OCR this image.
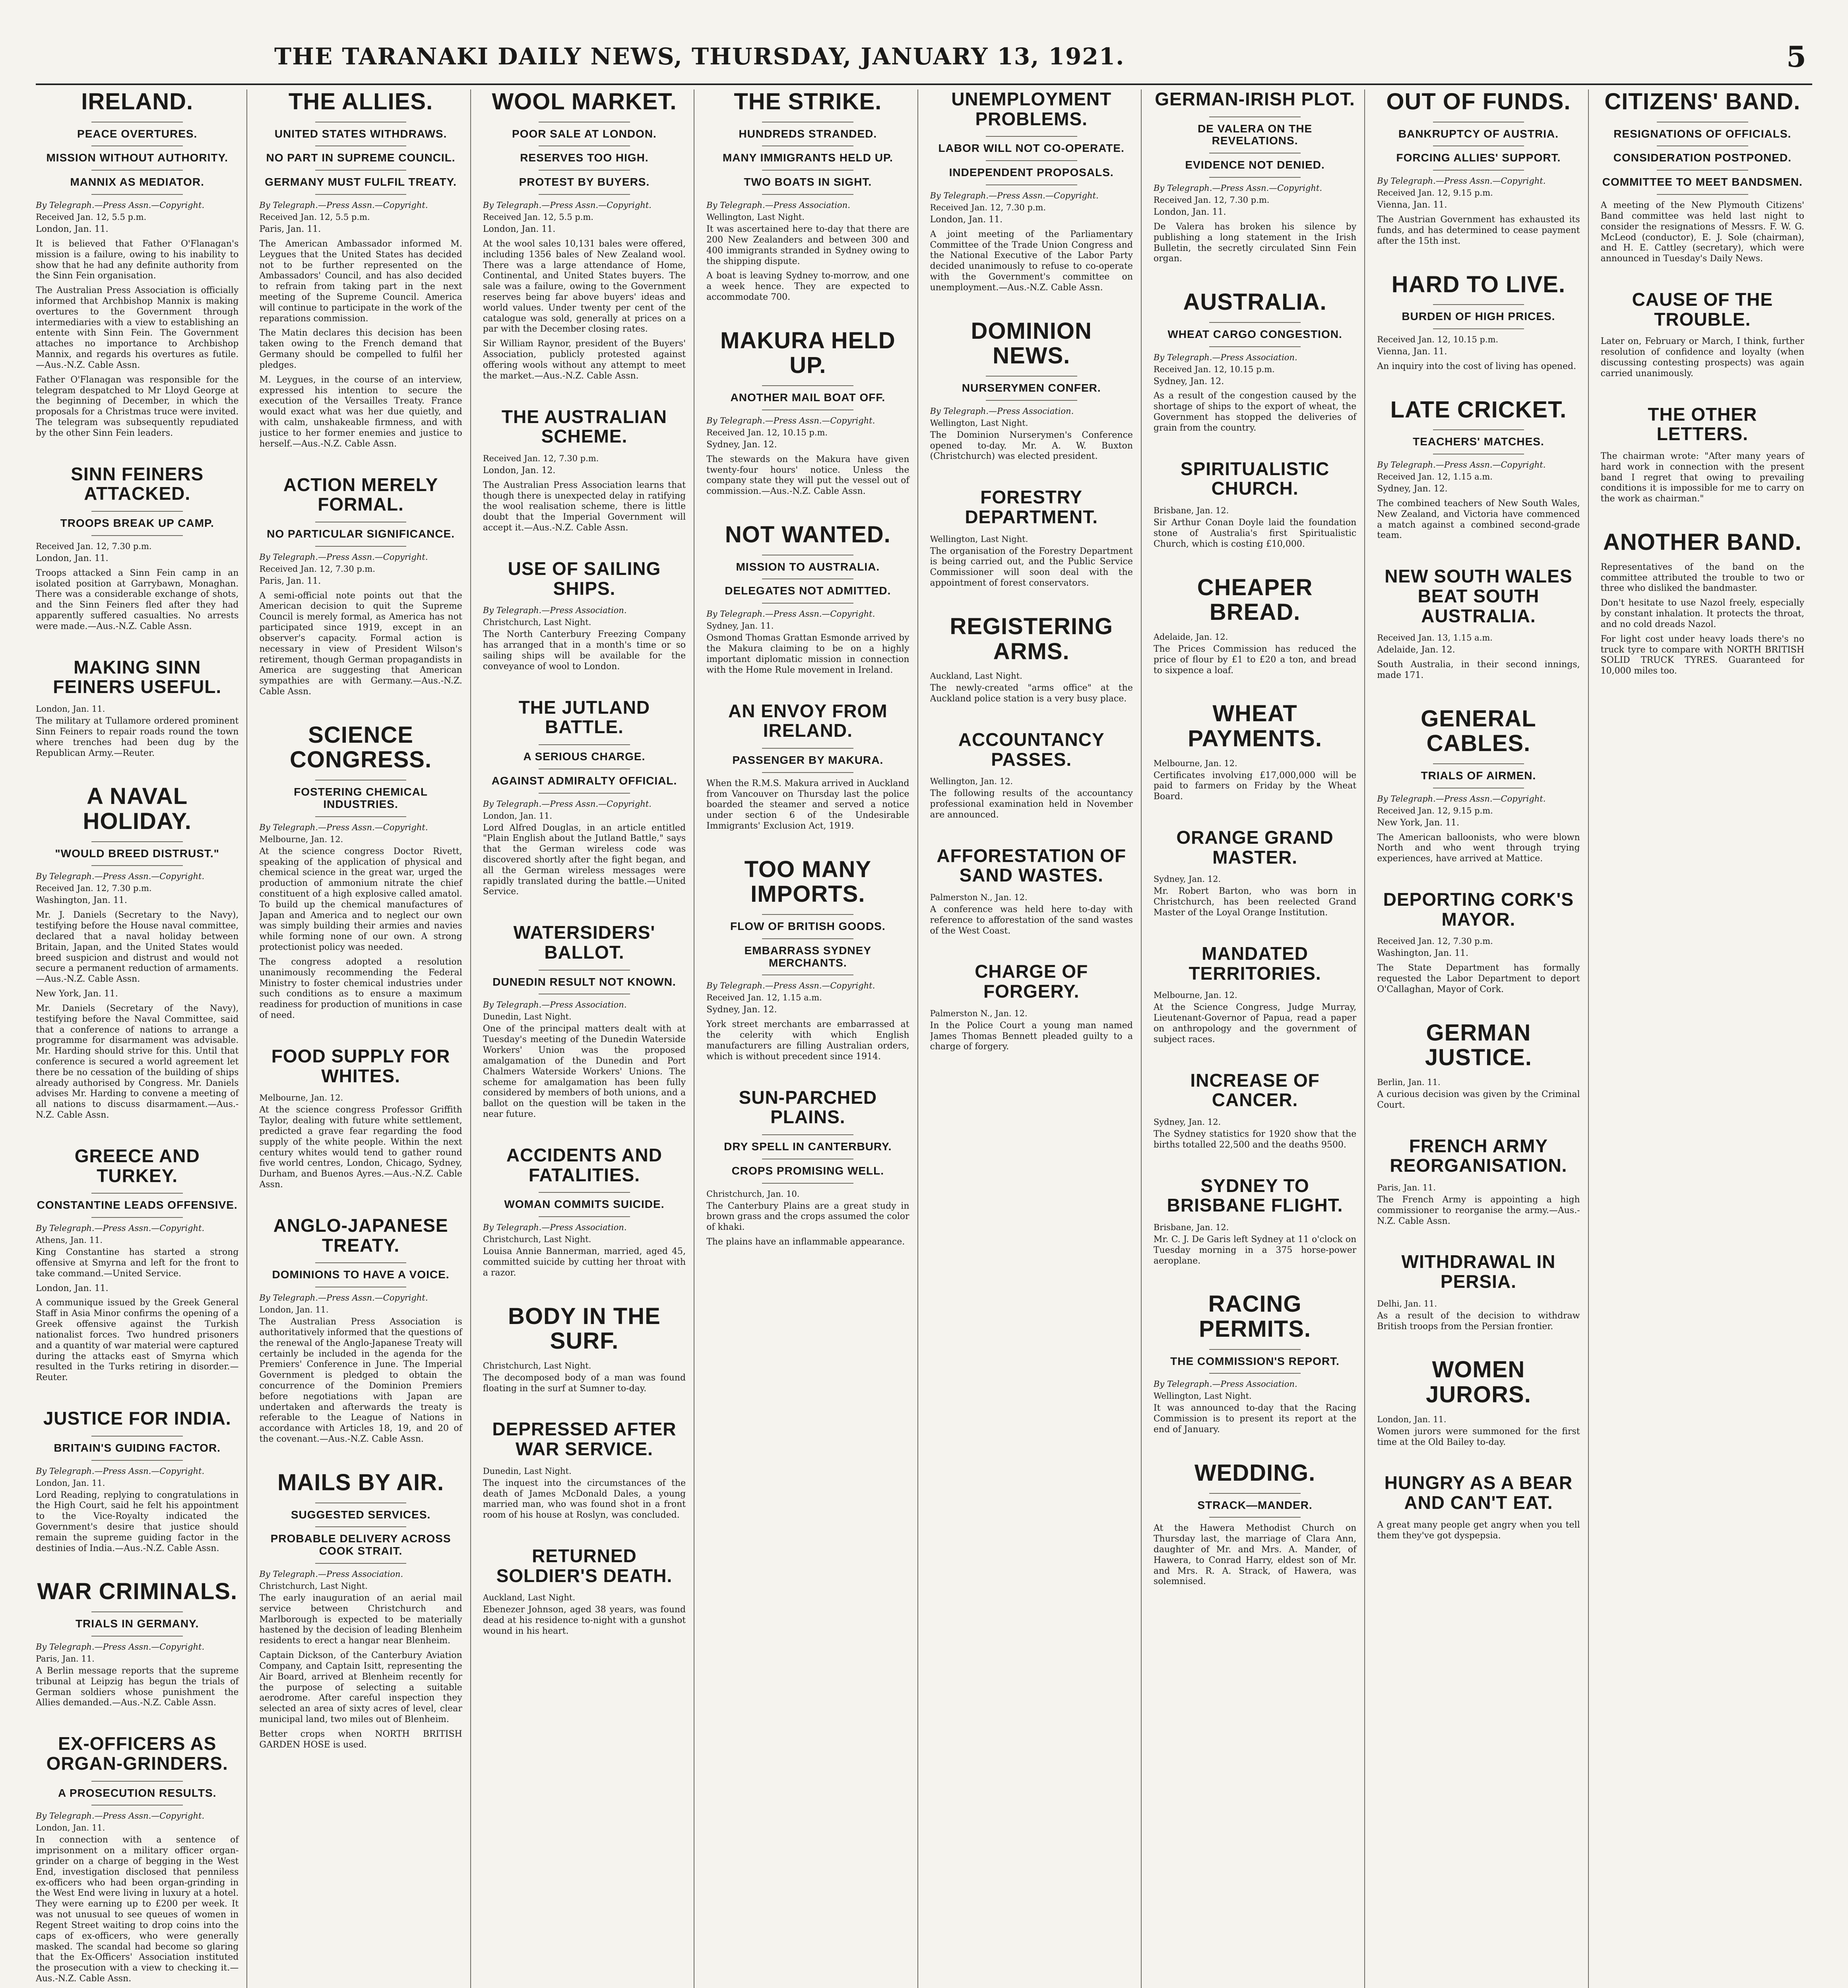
THE TARANAKI DAILY NEWS, THURSDAY, JANUARY 13, 1921.	5
IRELAND.
PEACE OVERTURES.
MISSION WITHOUT AUTHORITY.
MANNIX AS MEDIATOR.
By Telegraph.—Press Assn.—Copyright.
Received Jan. 12, 5.5 p.m.

London, Jan. 11.

It is believed that Father O'Flanagan's mission is a failure, owing to his inability to show that he had any definite authority from the Sinn Fein organisation.

The Australian Press Association is officially informed that Archbishop Mannix is making overtures to the Government through intermediaries with a view to establishing an entente with Sinn Fein. The Government attaches no importance to Archbishop Mannix, and regards his overtures as futile.—Aus.-N.Z. Cable Assn.

Father O'Flanagan was responsible for the telegram despatched to Mr Lloyd George at the beginning of December, in which the proposals for a Christmas truce were invited. The telegram was subsequently repudiated by the other Sinn Fein leaders.

SINN FEINERS ATTACKED.
TROOPS BREAK UP CAMP.
Received Jan. 12, 7.30 p.m.

London, Jan. 11.

Troops attacked a Sinn Fein camp in an isolated position at Garrybawn, Monaghan. There was a considerable exchange of shots, and the Sinn Feiners fled after they had apparently suffered casualties. No arrests were made.—Aus.-N.Z. Cable Assn.

MAKING SINN FEINERS USEFUL.
London, Jan. 11.

The military at Tullamore ordered prominent Sinn Feiners to repair roads round the town where trenches had been dug by the Republican Army.—Reuter.

A NAVAL HOLIDAY.
"WOULD BREED DISTRUST."
By Telegraph.—Press Assn.—Copyright.
Received Jan. 12, 7.30 p.m.

Washington, Jan. 11.

Mr. J. Daniels (Secretary to the Navy), testifying before the House naval committee, declared that a naval holiday between Britain, Japan, and the United States would breed suspicion and distrust and would not secure a permanent reduction of armaments.—Aus.-N.Z. Cable Assn.

New York, Jan. 11.

Mr. Daniels (Secretary of the Navy), testifying before the Naval Committee, said that a conference of nations to arrange a programme for disarmament was advisable. Mr. Harding should strive for this. Until that conference is secured a world agreement let there be no cessation of the building of ships already authorised by Congress. Mr. Daniels advises Mr. Harding to convene a meeting of all nations to discuss disarmament.—Aus.-N.Z. Cable Assn.

GREECE AND TURKEY.
CONSTANTINE LEADS OFFENSIVE.
By Telegraph.—Press Assn.—Copyright.
Athens, Jan. 11.

King Constantine has started a strong offensive at Smyrna and left for the front to take command.—United Service.

London, Jan. 11.

A communique issued by the Greek General Staff in Asia Minor confirms the opening of a Greek offensive against the Turkish nationalist forces. Two hundred prisoners and a quantity of war material were captured during the attacks east of Smyrna which resulted in the Turks retiring in disorder.—Reuter.

JUSTICE FOR INDIA.
BRITAIN'S GUIDING FACTOR.
By Telegraph.—Press Assn.—Copyright.
London, Jan. 11.

Lord Reading, replying to congratulations in the High Court, said he felt his appointment to the Vice-Royalty indicated the Government's desire that justice should remain the supreme guiding factor in the destinies of India.—Aus.-N.Z. Cable Assn.

WAR CRIMINALS.
TRIALS IN GERMANY.
By Telegraph.—Press Assn.—Copyright.
Paris, Jan. 11.

A Berlin message reports that the supreme tribunal at Leipzig has begun the trials of German soldiers whose punishment the Allies demanded.—Aus.-N.Z. Cable Assn.

EX-OFFICERS AS ORGAN-GRINDERS.
A PROSECUTION RESULTS.
By Telegraph.—Press Assn.—Copyright.
London, Jan. 11.

In connection with a sentence of imprisonment on a military officer organ-grinder on a charge of begging in the West End, investigation disclosed that penniless ex-officers who had been organ-grinding in the West End were living in luxury at a hotel. They were earning up to £200 per week. It was not unusual to see queues of women in Regent Street waiting to drop coins into the caps of ex-officers, who were generally masked. The scandal had become so glaring that the Ex-Officers' Association instituted the prosecution with a view to checking it.—Aus.-N.Z. Cable Assn.

THE ALLIES.
UNITED STATES WITHDRAWS.
NO PART IN SUPREME COUNCIL.
GERMANY MUST FULFIL TREATY.
By Telegraph.—Press Assn.—Copyright.
Received Jan. 12, 5.5 p.m.

Paris, Jan. 11.

The American Ambassador informed M. Leygues that the United States has decided not to be further represented on the Ambassadors' Council, and has also decided to refrain from taking part in the next meeting of the Supreme Council. America will continue to participate in the work of the reparations commission.

The Matin declares this decision has been taken owing to the French demand that Germany should be compelled to fulfil her pledges.

M. Leygues, in the course of an interview, expressed his intention to secure the execution of the Versailles Treaty. France would exact what was her due quietly, and with calm, unshakeable firmness, and with justice to her former enemies and justice to herself.—Aus.-N.Z. Cable Assn.

ACTION MERELY FORMAL.
NO PARTICULAR SIGNIFICANCE.
By Telegraph.—Press Assn.—Copyright.
Received Jan. 12, 7.30 p.m.

Paris, Jan. 11.

A semi-official note points out that the American decision to quit the Supreme Council is merely formal, as America has not participated since 1919, except in an observer's capacity. Formal action is necessary in view of President Wilson's retirement, though German propagandists in America are suggesting that American sympathies are with Germany.—Aus.-N.Z. Cable Assn.

SCIENCE CONGRESS.
FOSTERING CHEMICAL INDUSTRIES.
By Telegraph.—Press Assn.—Copyright.
Melbourne, Jan. 12.

At the science congress Doctor Rivett, speaking of the application of physical and chemical science in the great war, urged the production of ammonium nitrate the chief constituent of a high explosive called amatol. To build up the chemical manufactures of Japan and America and to neglect our own was simply building their armies and navies while forming none of our own. A strong protectionist policy was needed.

The congress adopted a resolution unanimously recommending the Federal Ministry to foster chemical industries under such conditions as to ensure a maximum readiness for production of munitions in case of need.

FOOD SUPPLY FOR WHITES.
Melbourne, Jan. 12.

At the science congress Professor Griffith Taylor, dealing with future white settlement, predicted a grave fear regarding the food supply of the white people. Within the next century whites would tend to gather round five world centres, London, Chicago, Sydney, Durham, and Buenos Ayres.—Aus.-N.Z. Cable Assn.

ANGLO-JAPANESE TREATY.
DOMINIONS TO HAVE A VOICE.
By Telegraph.—Press Assn.—Copyright.
London, Jan. 11.

The Australian Press Association is authoritatively informed that the questions of the renewal of the Anglo-Japanese Treaty will certainly be included in the agenda for the Premiers' Conference in June. The Imperial Government is pledged to obtain the concurrence of the Dominion Premiers before negotiations with Japan are undertaken and afterwards the treaty is referable to the League of Nations in accordance with Articles 18, 19, and 20 of the covenant.—Aus.-N.Z. Cable Assn.

MAILS BY AIR.
SUGGESTED SERVICES.
PROBABLE DELIVERY ACROSS COOK STRAIT.
By Telegraph.—Press Association.
Christchurch, Last Night.

The early inauguration of an aerial mail service between Christchurch and Marlborough is expected to be materially hastened by the decision of leading Blenheim residents to erect a hangar near Blenheim.

Captain Dickson, of the Canterbury Aviation Company, and Captain Isitt, representing the Air Board, arrived at Blenheim recently for the purpose of selecting a suitable aerodrome. After careful inspection they selected an area of sixty acres of level, clear municipal land, two miles out of Blenheim.

Better crops when NORTH BRITISH GARDEN HOSE is used.

WOOL MARKET.
POOR SALE AT LONDON.
RESERVES TOO HIGH.
PROTEST BY BUYERS.
By Telegraph.—Press Assn.—Copyright.
Received Jan. 12, 5.5 p.m.

London, Jan. 11.

At the wool sales 10,131 bales were offered, including 1356 bales of New Zealand wool. There was a large attendance of Home, Continental, and United States buyers. The sale was a failure, owing to the Government reserves being far above buyers' ideas and world values. Under twenty per cent of the catalogue was sold, generally at prices on a par with the December closing rates.

Sir William Raynor, president of the Buyers' Association, publicly protested against offering wools without any attempt to meet the market.—Aus.-N.Z. Cable Assn.

THE AUSTRALIAN SCHEME.
Received Jan. 12, 7.30 p.m.

London, Jan. 12.

The Australian Press Association learns that though there is unexpected delay in ratifying the wool realisation scheme, there is little doubt that the Imperial Government will accept it.—Aus.-N.Z. Cable Assn.

USE OF SAILING SHIPS.
By Telegraph.—Press Association.
Christchurch, Last Night.

The North Canterbury Freezing Company has arranged that in a month's time or so sailing ships will be available for the conveyance of wool to London.

THE JUTLAND BATTLE.
A SERIOUS CHARGE.
AGAINST ADMIRALTY OFFICIAL.
By Telegraph.—Press Assn.—Copyright.
London, Jan. 11.

Lord Alfred Douglas, in an article entitled "Plain English about the Jutland Battle," says that the German wireless code was discovered shortly after the fight began, and all the German wireless messages were rapidly translated during the battle.—United Service.

WATERSIDERS' BALLOT.
DUNEDIN RESULT NOT KNOWN.
By Telegraph.—Press Association.
Dunedin, Last Night.

One of the principal matters dealt with at Tuesday's meeting of the Dunedin Waterside Workers' Union was the proposed amalgamation of the Dunedin and Port Chalmers Waterside Workers' Unions. The scheme for amalgamation has been fully considered by members of both unions, and a ballot on the question will be taken in the near future.

ACCIDENTS AND FATALITIES.
WOMAN COMMITS SUICIDE.
By Telegraph.—Press Association.
Christchurch, Last Night.

Louisa Annie Bannerman, married, aged 45, committed suicide by cutting her throat with a razor.

BODY IN THE SURF.
Christchurch, Last Night.

The decomposed body of a man was found floating in the surf at Sumner to-day.

DEPRESSED AFTER WAR SERVICE.
Dunedin, Last Night.

The inquest into the circumstances of the death of James McDonald Dales, a young married man, who was found shot in a front room of his house at Roslyn, was concluded.

RETURNED SOLDIER'S DEATH.
Auckland, Last Night.

Ebenezer Johnson, aged 38 years, was found dead at his residence to-night with a gunshot wound in his heart.

THE STRIKE.
HUNDREDS STRANDED.
MANY IMMIGRANTS HELD UP.
TWO BOATS IN SIGHT.
By Telegraph.—Press Association.
Wellington, Last Night.

It was ascertained here to-day that there are 200 New Zealanders and between 300 and 400 immigrants stranded in Sydney owing to the shipping dispute.

A boat is leaving Sydney to-morrow, and one a week hence. They are expected to accommodate 700.

MAKURA HELD UP.
ANOTHER MAIL BOAT OFF.
By Telegraph.—Press Assn.—Copyright.
Received Jan. 12, 10.15 p.m.

Sydney, Jan. 12.

The stewards on the Makura have given twenty-four hours' notice. Unless the company state they will put the vessel out of commission.—Aus.-N.Z. Cable Assn.

NOT WANTED.
MISSION TO AUSTRALIA.
DELEGATES NOT ADMITTED.
By Telegraph.—Press Assn.—Copyright.
Sydney, Jan. 11.

Osmond Thomas Grattan Esmonde arrived by the Makura claiming to be on a highly important diplomatic mission in connection with the Home Rule movement in Ireland.

AN ENVOY FROM IRELAND.
PASSENGER BY MAKURA.

When the R.M.S. Makura arrived in Auckland from Vancouver on Thursday last the police boarded the steamer and served a notice under section 6 of the Undesirable Immigrants' Exclusion Act, 1919.

TOO MANY IMPORTS.
FLOW OF BRITISH GOODS.
EMBARRASS SYDNEY MERCHANTS.
By Telegraph.—Press Assn.—Copyright.
Received Jan. 12, 1.15 a.m.

Sydney, Jan. 12.

York street merchants are embarrassed at the celerity with which English manufacturers are filling Australian orders, which is without precedent since 1914.

SUN-PARCHED PLAINS.
DRY SPELL IN CANTERBURY.
CROPS PROMISING WELL.
Christchurch, Jan. 10.

The Canterbury Plains are a great study in brown grass and the crops assumed the color of khaki.

The plains have an inflammable appearance.

UNEMPLOYMENT PROBLEMS.
LABOR WILL NOT CO-OPERATE.
INDEPENDENT PROPOSALS.
By Telegraph.—Press Assn.—Copyright.
Received Jan. 12, 7.30 p.m.

London, Jan. 11.

A joint meeting of the Parliamentary Committee of the Trade Union Congress and the National Executive of the Labor Party decided unanimously to refuse to co-operate with the Government's committee on unemployment.—Aus.-N.Z. Cable Assn.

DOMINION NEWS.
NURSERYMEN CONFER.
By Telegraph.—Press Association.
Wellington, Last Night.

The Dominion Nurserymen's Conference opened to-day. Mr. A. W. Buxton (Christchurch) was elected president.

FORESTRY DEPARTMENT.
Wellington, Last Night.

The organisation of the Forestry Department is being carried out, and the Public Service Commissioner will soon deal with the appointment of forest conservators.

REGISTERING ARMS.
Auckland, Last Night.

The newly-created "arms office" at the Auckland police station is a very busy place.

ACCOUNTANCY PASSES.
Wellington, Jan. 12.

The following results of the accountancy professional examination held in November are announced.

AFFORESTATION OF SAND WASTES.
Palmerston N., Jan. 12.

A conference was held here to-day with reference to afforestation of the sand wastes of the West Coast.

CHARGE OF FORGERY.
Palmerston N., Jan. 12.

In the Police Court a young man named James Thomas Bennett pleaded guilty to a charge of forgery.

GERMAN-IRISH PLOT.
DE VALERA ON THE REVELATIONS.
EVIDENCE NOT DENIED.
By Telegraph.—Press Assn.—Copyright.
Received Jan. 12, 7.30 p.m.

London, Jan. 11.

De Valera has broken his silence by publishing a long statement in the Irish Bulletin, the secretly circulated Sinn Fein organ.

AUSTRALIA.
WHEAT CARGO CONGESTION.
By Telegraph.—Press Association.
Received Jan. 12, 10.15 p.m.

Sydney, Jan. 12.

As a result of the congestion caused by the shortage of ships to the export of wheat, the Government has stopped the deliveries of grain from the country.

SPIRITUALISTIC CHURCH.
Brisbane, Jan. 12.

Sir Arthur Conan Doyle laid the foundation stone of Australia's first Spiritualistic Church, which is costing £10,000.

CHEAPER BREAD.
Adelaide, Jan. 12.

The Prices Commission has reduced the price of flour by £1 to £20 a ton, and bread to sixpence a loaf.

WHEAT PAYMENTS.
Melbourne, Jan. 12.

Certificates involving £17,000,000 will be paid to farmers on Friday by the Wheat Board.

ORANGE GRAND MASTER.
Sydney, Jan. 12.

Mr. Robert Barton, who was born in Christchurch, has been reelected Grand Master of the Loyal Orange Institution.

MANDATED TERRITORIES.
Melbourne, Jan. 12.

At the Science Congress, Judge Murray, Lieutenant-Governor of Papua, read a paper on anthropology and the government of subject races.

INCREASE OF CANCER.
Sydney, Jan. 12.

The Sydney statistics for 1920 show that the births totalled 22,500 and the deaths 9500.

SYDNEY TO BRISBANE FLIGHT.
Brisbane, Jan. 12.

Mr. C. J. De Garis left Sydney at 11 o'clock on Tuesday morning in a 375 horse-power aeroplane.

RACING PERMITS.
THE COMMISSION'S REPORT.
By Telegraph.—Press Association.
Wellington, Last Night.

It was announced to-day that the Racing Commission is to present its report at the end of January.

WEDDING.
STRACK—MANDER.

At the Hawera Methodist Church on Thursday last, the marriage of Clara Ann, daughter of Mr. and Mrs. A. Mander, of Hawera, to Conrad Harry, eldest son of Mr. and Mrs. R. A. Strack, of Hawera, was solemnised.

OUT OF FUNDS.
BANKRUPTCY OF AUSTRIA.
FORCING ALLIES' SUPPORT.
By Telegraph.—Press Assn.—Copyright.
Received Jan. 12, 9.15 p.m.

Vienna, Jan. 11.

The Austrian Government has exhausted its funds, and has determined to cease payment after the 15th inst.

HARD TO LIVE.
BURDEN OF HIGH PRICES.
Received Jan. 12, 10.15 p.m.

Vienna, Jan. 11.

An inquiry into the cost of living has opened.

LATE CRICKET.
TEACHERS' MATCHES.
By Telegraph.—Press Assn.—Copyright.
Received Jan. 12, 1.15 a.m.

Sydney, Jan. 12.

The combined teachers of New South Wales, New Zealand, and Victoria have commenced a match against a combined second-grade team.

NEW SOUTH WALES BEAT SOUTH AUSTRALIA.
Received Jan. 13, 1.15 a.m.

Adelaide, Jan. 12.

South Australia, in their second innings, made 171.

GENERAL CABLES.
TRIALS OF AIRMEN.
By Telegraph.—Press Assn.—Copyright.
Received Jan. 12, 9.15 p.m.

New York, Jan. 11.

The American balloonists, who were blown North and who went through trying experiences, have arrived at Mattice.

DEPORTING CORK'S MAYOR.
Received Jan. 12, 7.30 p.m.

Washington, Jan. 11.

The State Department has formally requested the Labor Department to deport O'Callaghan, Mayor of Cork.

GERMAN JUSTICE.
Berlin, Jan. 11.

A curious decision was given by the Criminal Court.

FRENCH ARMY REORGANISATION.
Paris, Jan. 11.

The French Army is appointing a high commissioner to reorganise the army.—Aus.-N.Z. Cable Assn.

WITHDRAWAL IN PERSIA.
Delhi, Jan. 11.

As a result of the decision to withdraw British troops from the Persian frontier.

WOMEN JURORS.
London, Jan. 11.

Women jurors were summoned for the first time at the Old Bailey to-day.

HUNGRY AS A BEAR AND CAN'T EAT.

A great many people get angry when you tell them they've got dyspepsia.

CITIZENS' BAND.
RESIGNATIONS OF OFFICIALS.
CONSIDERATION POSTPONED.
COMMITTEE TO MEET BANDSMEN.

A meeting of the New Plymouth Citizens' Band committee was held last night to consider the resignations of Messrs. F. W. G. McLeod (conductor), E. J. Sole (chairman), and H. E. Cattley (secretary), which were announced in Tuesday's Daily News.

CAUSE OF THE TROUBLE.

Later on, February or March, I think, further resolution of confidence and loyalty (when discussing contesting prospects) was again carried unanimously.

THE OTHER LETTERS.

The chairman wrote: "After many years of hard work in connection with the present band I regret that owing to prevailing conditions it is impossible for me to carry on the work as chairman."

ANOTHER BAND.

Representatives of the band on the committee attributed the trouble to two or three who disliked the bandmaster.

Don't hesitate to use Nazol freely, especially by constant inhalation. It protects the throat, and no cold dreads Nazol.

For light cost under heavy loads there's no truck tyre to compare with NORTH BRITISH SOLID TRUCK TYRES. Guaranteed for 10,000 miles too.
